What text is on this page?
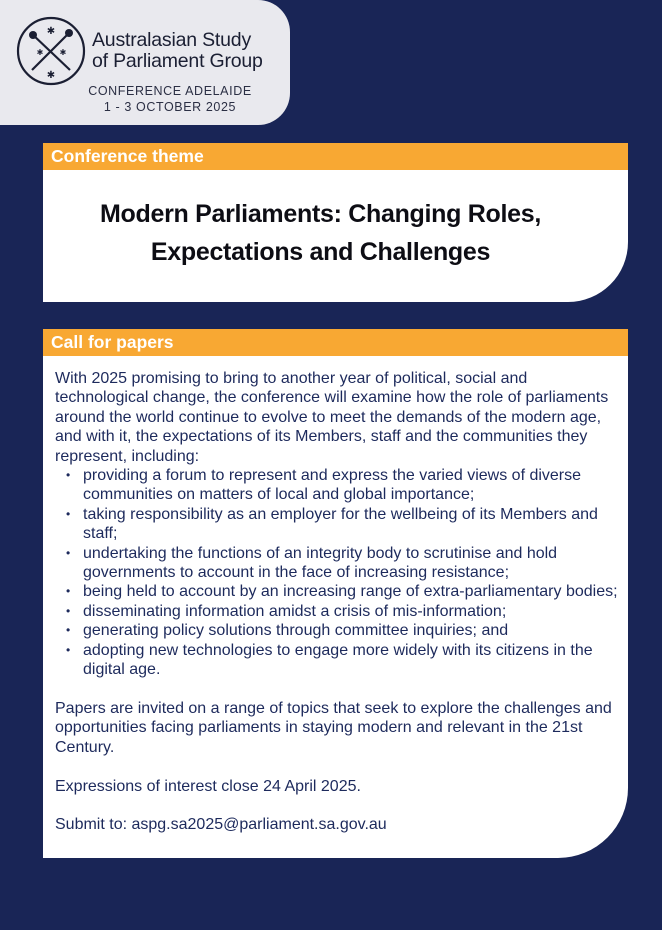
✱
✱ ✱
✱
Australasian Study
of Parliament Group
CONFERENCE ADELAIDE
1 - 3 OCTOBER 2025
Conference theme
Modern Parliaments: Changing Roles,
Expectations and Challenges
Call for papers

With 2025 promising to bring to another year of political, social and technological change, the conference will examine how the role of parliaments around the world continue to evolve to meet the demands of the modern age, and with it, the expectations of its Members, staff and the communities they represent, including:

• providing a forum to represent and express the varied views of diverse communities on matters of local and global importance;
• taking responsibility as an employer for the wellbeing of its Members and staff;
• undertaking the functions of an integrity body to scrutinise and hold governments to account in the face of increasing resistance;
• being held to account by an increasing range of extra-parliamentary bodies;
• disseminating information amidst a crisis of mis-information;
• generating policy solutions through committee inquiries; and
• adopting new technologies to engage more widely with its citizens in the digital age.

Papers are invited on a range of topics that seek to explore the challenges and opportunities facing parliaments in staying modern and relevant in the 21st Century.

Expressions of interest close 24 April 2025.

Submit to: aspg.sa2025@parliament.sa.gov.au
